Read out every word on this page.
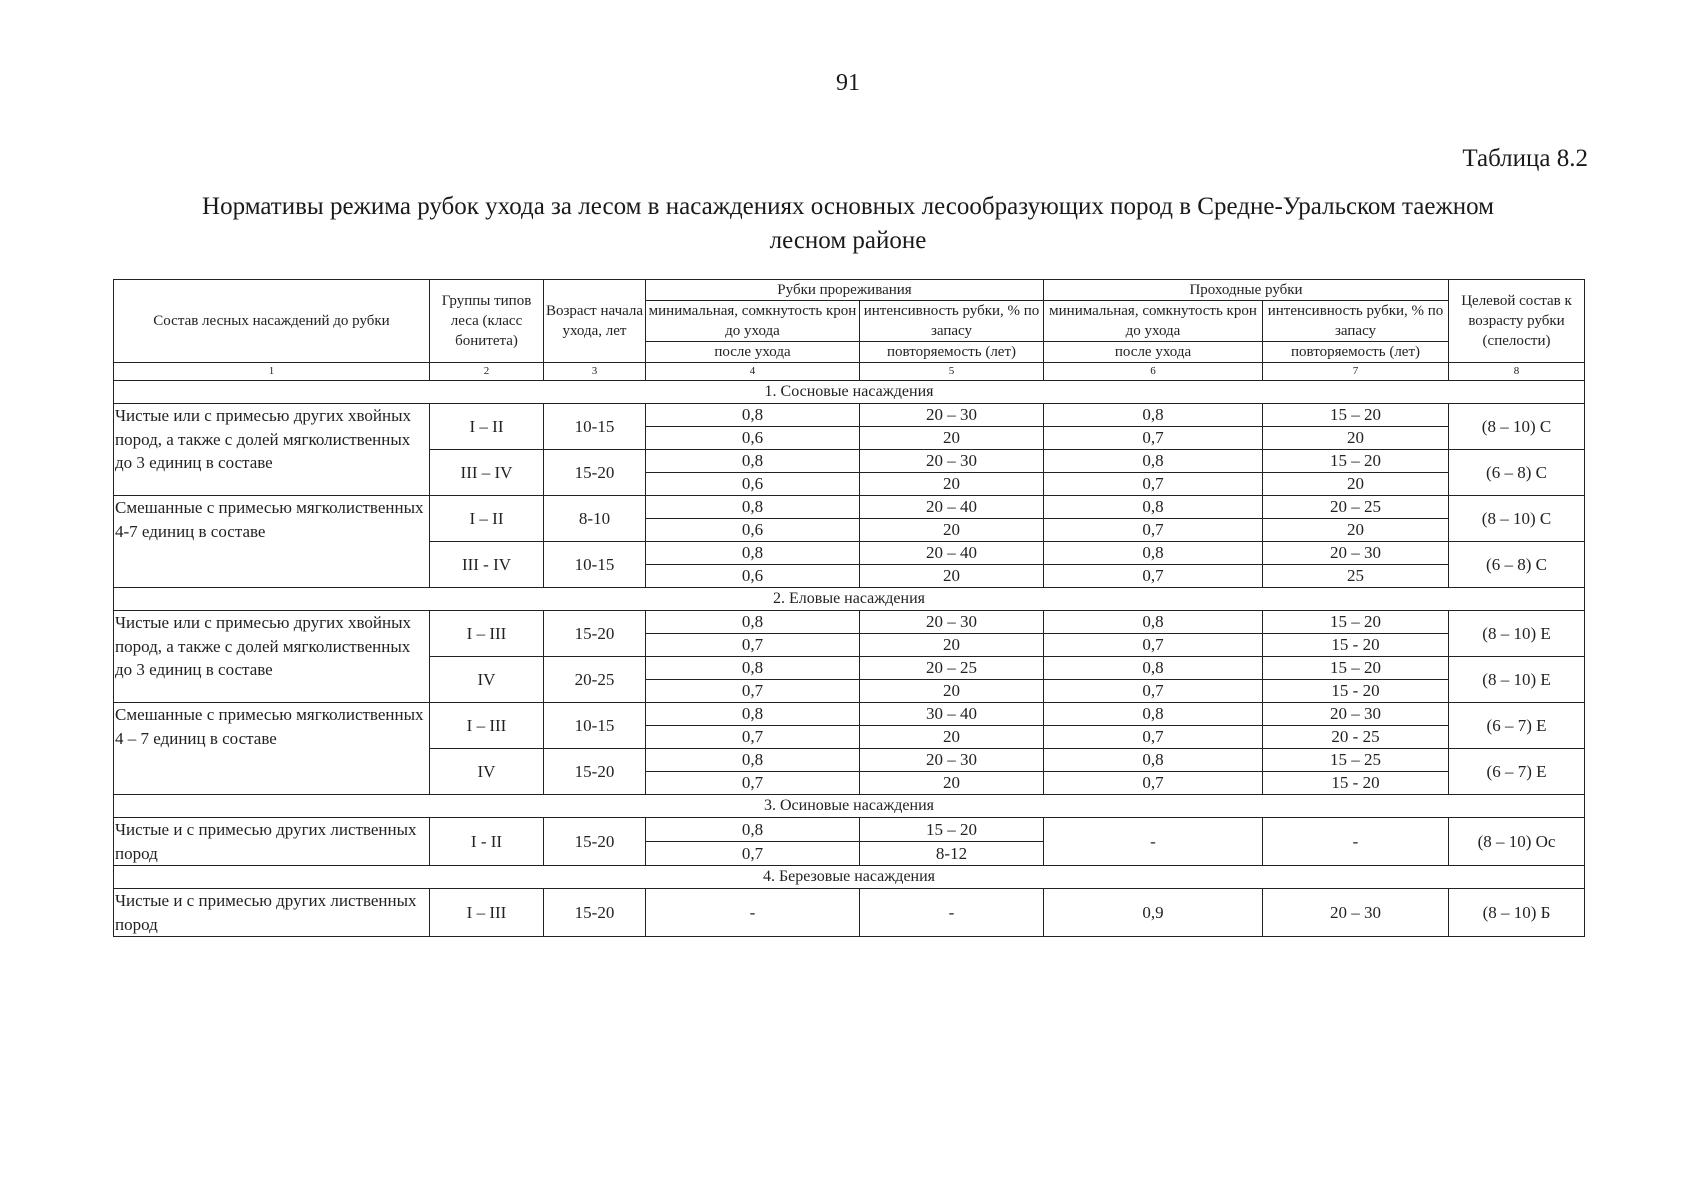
91
Таблица 8.2
Нормативы режима рубок ухода за лесом в насаждениях основных лесообразующих пород в Средне-Уральском таежном
лесном районе
Состав лесных насаждений до рубки	Группы типов леса (класс бонитета)	Возраст начала ухода, лет	Рубки прореживания		Проходные рубки		Целевой состав к возрасту рубки (спелости)
			минимальная, сомкнутость крон до ухода	интенсивность рубки, % по запасу	минимальная, сомкнутость крон до ухода	интенсивность рубки, % по запасу	
			после ухода	повторяемость (лет)	после ухода	повторяемость (лет)	
1	2	3	4	5	6	7	8
1. Сосновые насаждения							
Чистые или с примесью других хвойных пород, а также с долей мягколиственных до 3 единиц в составе	I – II	10-15	0,8	20 – 30	0,8	15 – 20	(8 – 10) С
			0,6	20	0,7	20	
	III – IV	15-20	0,8	20 – 30	0,8	15 – 20	(6 – 8) С
			0,6	20	0,7	20	
Смешанные с примесью мягколиственных 4-7 единиц в составе	I – II	8-10	0,8	20 – 40	0,8	20 – 25	(8 – 10) С
			0,6	20	0,7	20	
	III - IV	10-15	0,8	20 – 40	0,8	20 – 30	(6 – 8) С
			0,6	20	0,7	25	
2. Еловые насаждения							
Чистые или с примесью других хвойных пород, а также с долей мягколиственных до 3 единиц в составе	I – III	15-20	0,8	20 – 30	0,8	15 – 20	(8 – 10) Е
			0,7	20	0,7	15 - 20	
	IV	20-25	0,8	20 – 25	0,8	15 – 20	(8 – 10) Е
			0,7	20	0,7	15 - 20	
Смешанные с примесью мягколиственных 4 – 7 единиц в составе	I – III	10-15	0,8	30 – 40	0,8	20 – 30	(6 – 7) Е
			0,7	20	0,7	20 - 25	
	IV	15-20	0,8	20 – 30	0,8	15 – 25	(6 – 7) Е
			0,7	20	0,7	15 - 20	
3. Осиновые насаждения							
Чистые и с примесью других лиственных пород	I - II	15-20	0,8	15 – 20	-	-	(8 – 10) Ос
			0,7	8-12			
4. Березовые насаждения							
Чистые и с примесью других лиственных пород	I – III	15-20	-	-	0,9	20 – 30	(8 – 10) Б
